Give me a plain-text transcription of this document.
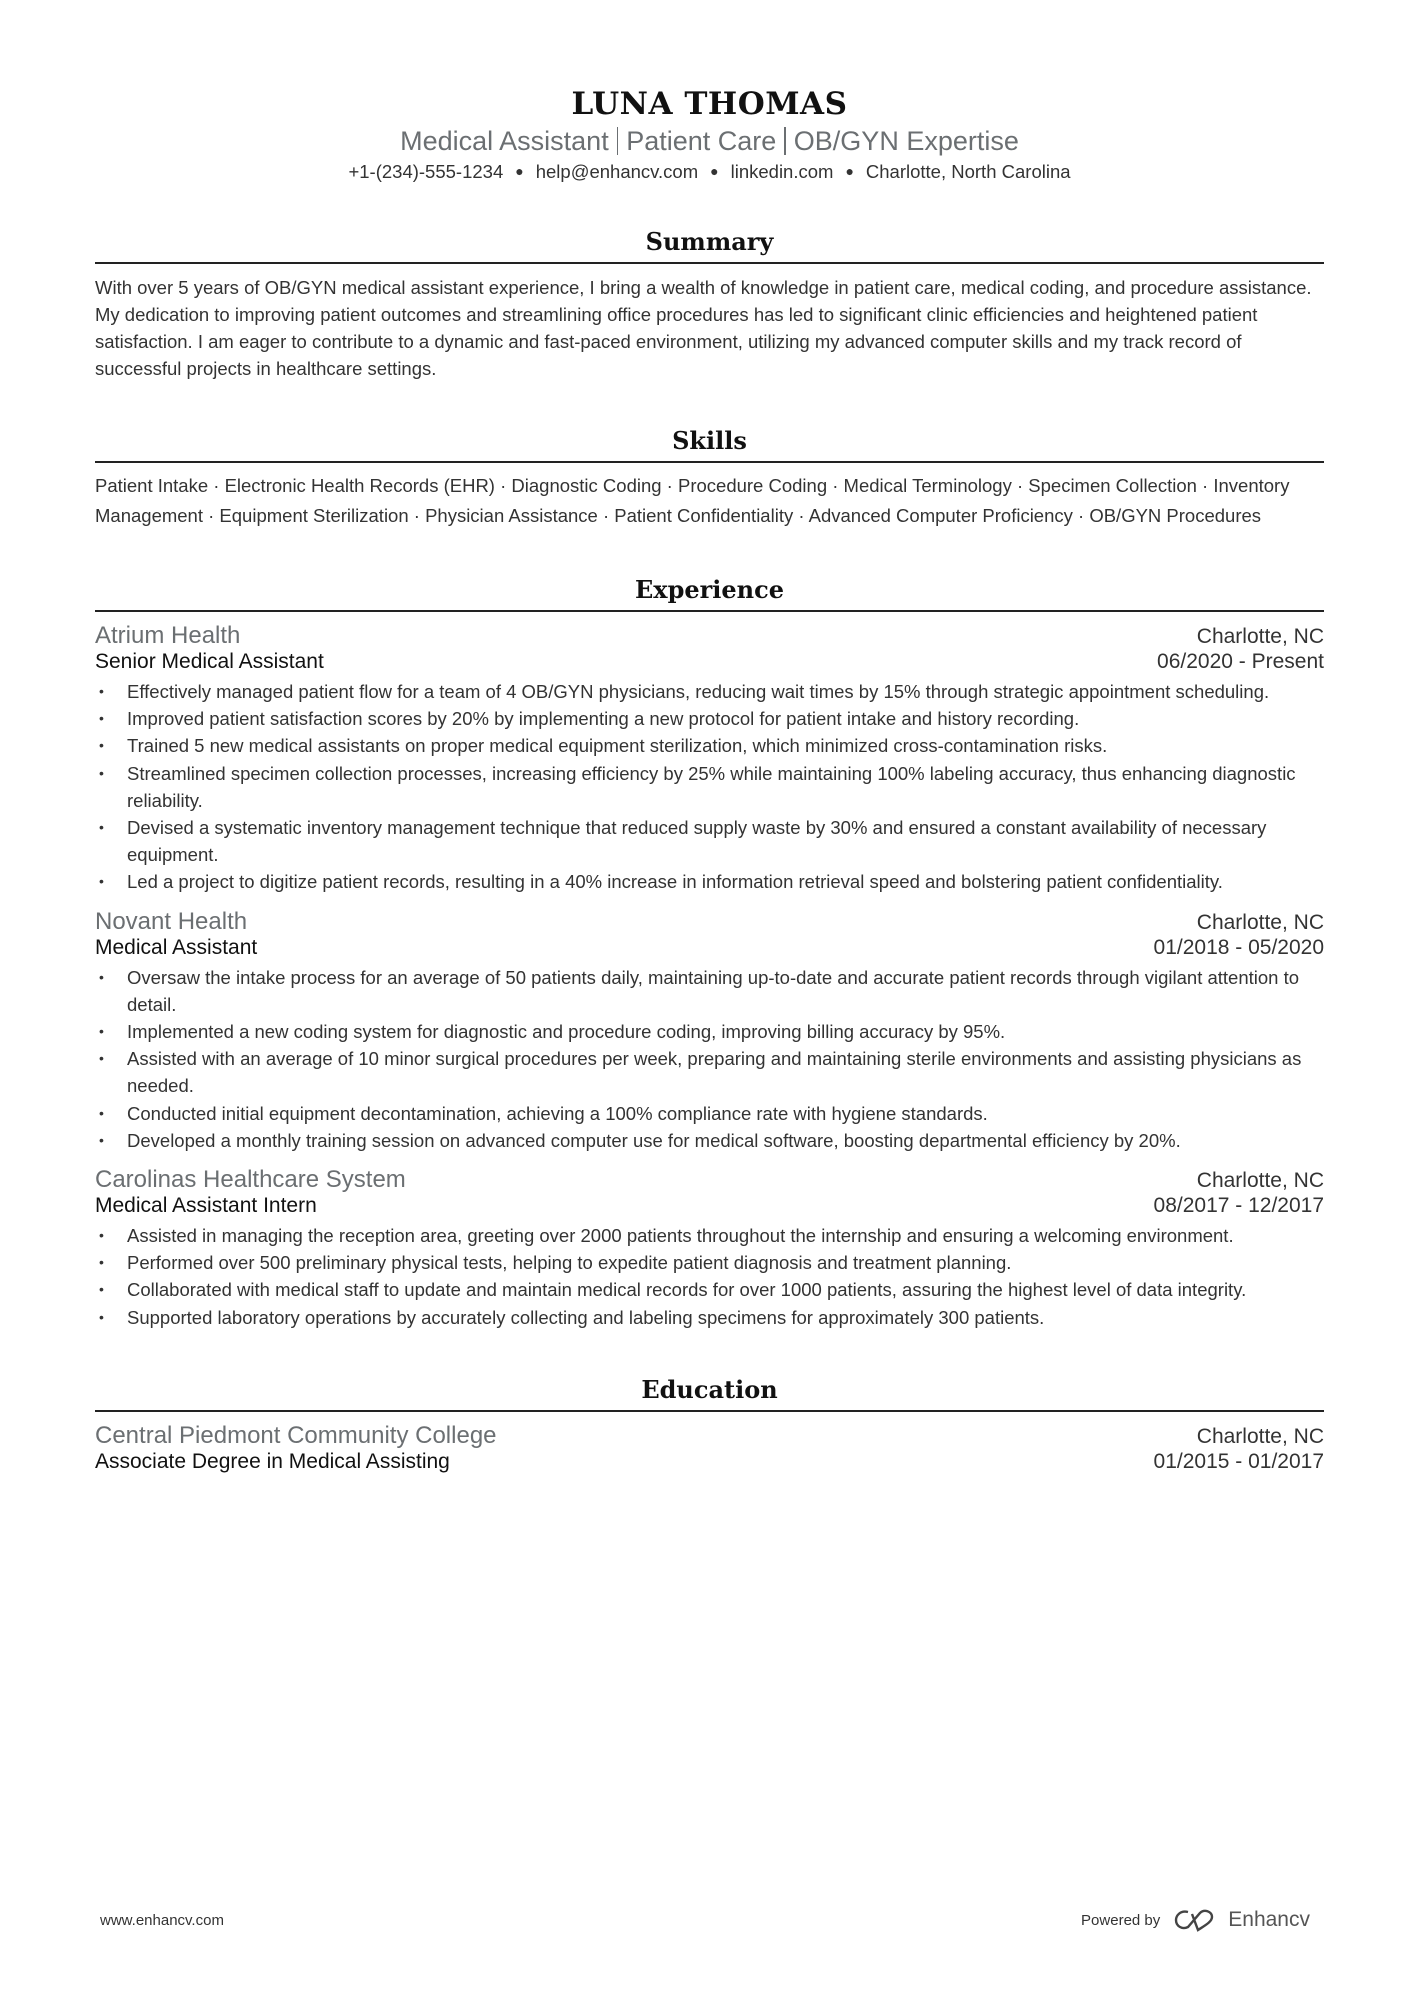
LUNA THOMAS
Medical Assistant Patient Care OB/GYN Expertise
+1-(234)-555-1234 ● help@enhancv.com ● linkedin.com ● Charlotte, North Carolina
Summary
With over 5 years of OB/GYN medical assistant experience, I bring a wealth of knowledge in patient care, medical coding, and procedure assistance. My dedication to improving patient outcomes and streamlining office procedures has led to significant clinic efficiencies and heightened patient satisfaction. I am eager to contribute to a dynamic and fast-paced environment, utilizing my advanced computer skills and my track record of successful projects in healthcare settings.
Skills
Patient Intake · Electronic Health Records (EHR) · Diagnostic Coding · Procedure Coding · Medical Terminology · Specimen Collection · Inventory Management · Equipment Sterilization · Physician Assistance · Patient Confidentiality · Advanced Computer Proficiency · OB/GYN Procedures
Experience
Atrium Health	Charlotte, NC
Senior Medical Assistant	06/2020 - Present
• Effectively managed patient flow for a team of 4 OB/GYN physicians, reducing wait times by 15% through strategic appointment scheduling.
• Improved patient satisfaction scores by 20% by implementing a new protocol for patient intake and history recording.
• Trained 5 new medical assistants on proper medical equipment sterilization, which minimized cross-contamination risks.
• Streamlined specimen collection processes, increasing efficiency by 25% while maintaining 100% labeling accuracy, thus enhancing diagnostic reliability.
• Devised a systematic inventory management technique that reduced supply waste by 30% and ensured a constant availability of necessary equipment.
• Led a project to digitize patient records, resulting in a 40% increase in information retrieval speed and bolstering patient confidentiality.
Novant Health	Charlotte, NC
Medical Assistant	01/2018 - 05/2020
• Oversaw the intake process for an average of 50 patients daily, maintaining up-to-date and accurate patient records through vigilant attention to detail.
• Implemented a new coding system for diagnostic and procedure coding, improving billing accuracy by 95%.
• Assisted with an average of 10 minor surgical procedures per week, preparing and maintaining sterile environments and assisting physicians as needed.
• Conducted initial equipment decontamination, achieving a 100% compliance rate with hygiene standards.
• Developed a monthly training session on advanced computer use for medical software, boosting departmental efficiency by 20%.
Carolinas Healthcare System	Charlotte, NC
Medical Assistant Intern	08/2017 - 12/2017
• Assisted in managing the reception area, greeting over 2000 patients throughout the internship and ensuring a welcoming environment.
• Performed over 500 preliminary physical tests, helping to expedite patient diagnosis and treatment planning.
• Collaborated with medical staff to update and maintain medical records for over 1000 patients, assuring the highest level of data integrity.
• Supported laboratory operations by accurately collecting and labeling specimens for approximately 300 patients.
Education
Central Piedmont Community College	Charlotte, NC
Associate Degree in Medical Assisting	01/2015 - 01/2017
www.enhancv.com	Powered by	Enhancv
